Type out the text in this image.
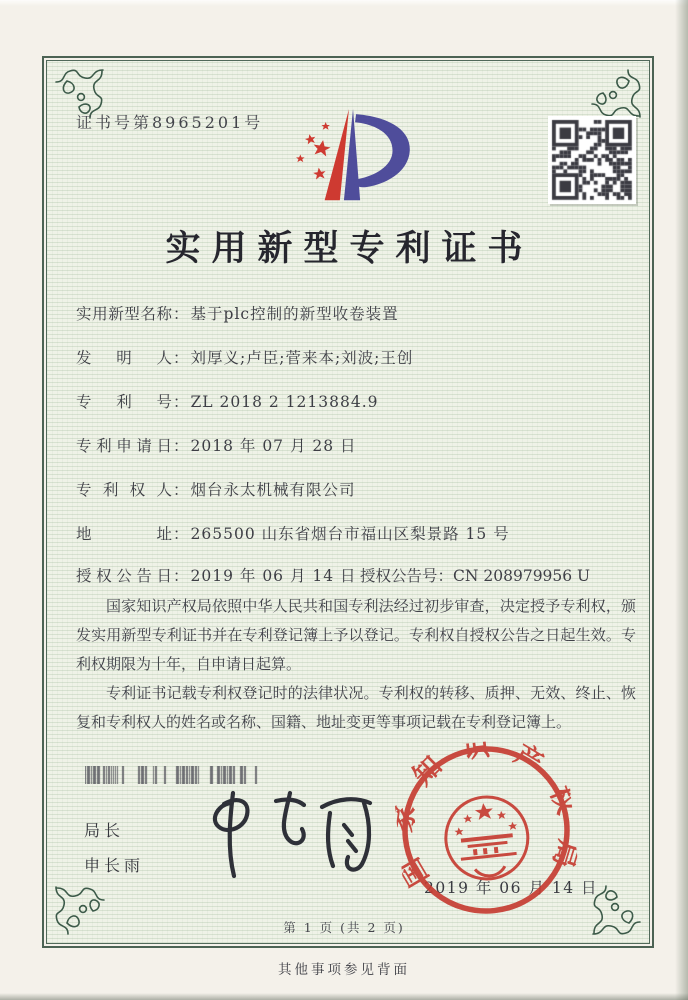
证书号第8965201号
实用新型专利证书
实用新型名称： 基于plc控制的新型收卷装置
发明人： 刘厚义;卢臣;菅来本;刘波;王创
专利号： ZL 2018 2 1213884.9
专利申请日： 2018 年 07 月 28 日
专利权人： 烟台永太机械有限公司
地址： 265500 山东省烟台市福山区梨景路 15 号
授权公告日： 2019 年 06 月 14 日 授权公告号：CN 208979956 U

国家知识产权局依照中华人民共和国专利法经过初步审查，决定授予专利权，颁发实用新型专利证书并在专利登记簿上予以登记。专利权自授权公告之日起生效。专利权期限为十年，自申请日起算。

专利证书记载专利权登记时的法律状况。专利权的转移、质押、无效、终止、恢复和专利权人的姓名或名称、国籍、地址变更等事项记载在专利登记簿上。

局长
申长雨
2019 年 06 月 14 日
国家知识产权局
第 1 页 (共 2 页)
其他事项参见背面
